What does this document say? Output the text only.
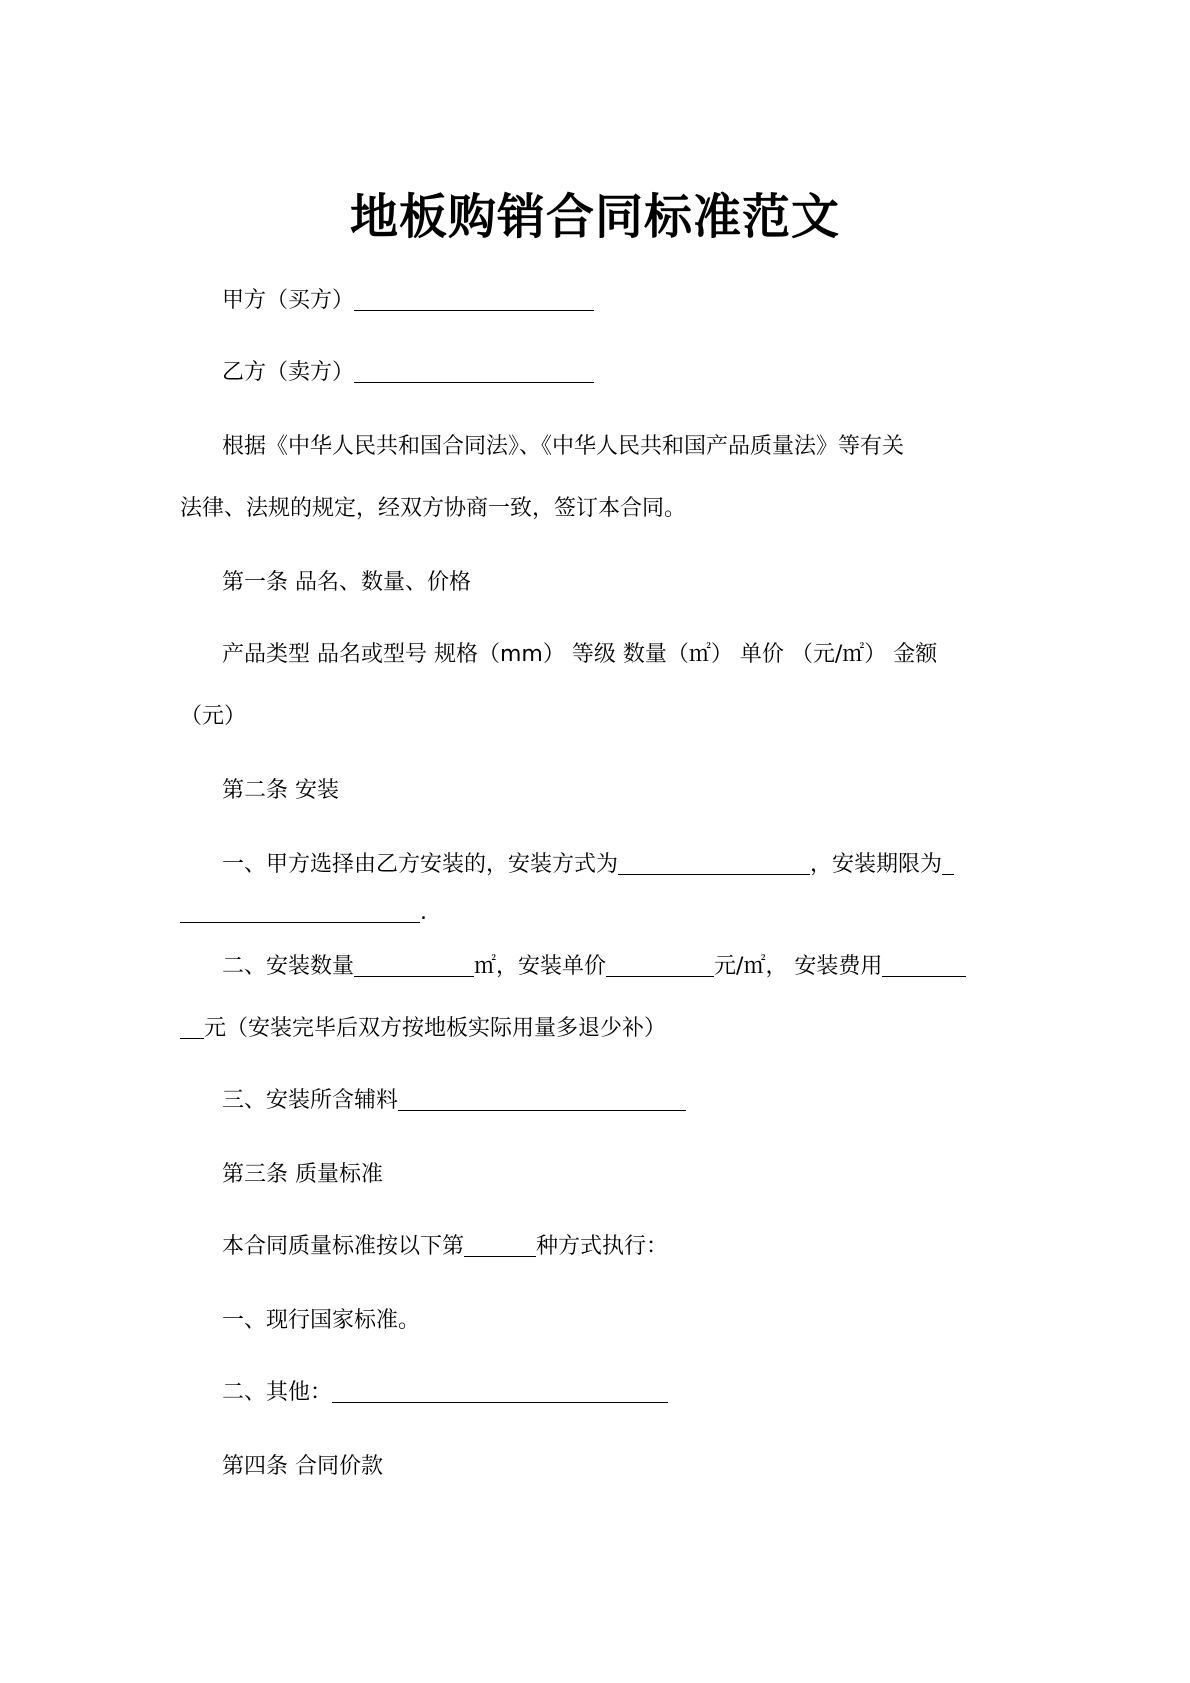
地板购销合同标准范文
甲方（买方）
乙方（卖方）
根据《中华人民共和国合同法》、《中华人民共和国产品质量法》等有关
法律、法规的规定，经双方协商一致，签订本合同。
第一条 品名、数量、价格
产品类型 品名或型号 规格（mm） 等级 数量（㎡） 单价 （元/㎡） 金额
（元）
第二条 安装
一、甲方选择由乙方安装的，安装方式为	，安装期限为
.
二、安装数量	㎡，安装单价	元/㎡， 安装费用
元（安装完毕后双方按地板实际用量多退少补）
三、安装所含辅料
第三条 质量标准
本合同质量标准按以下第	种方式执行：
一、现行国家标准。
二、其他：
第四条 合同价款
